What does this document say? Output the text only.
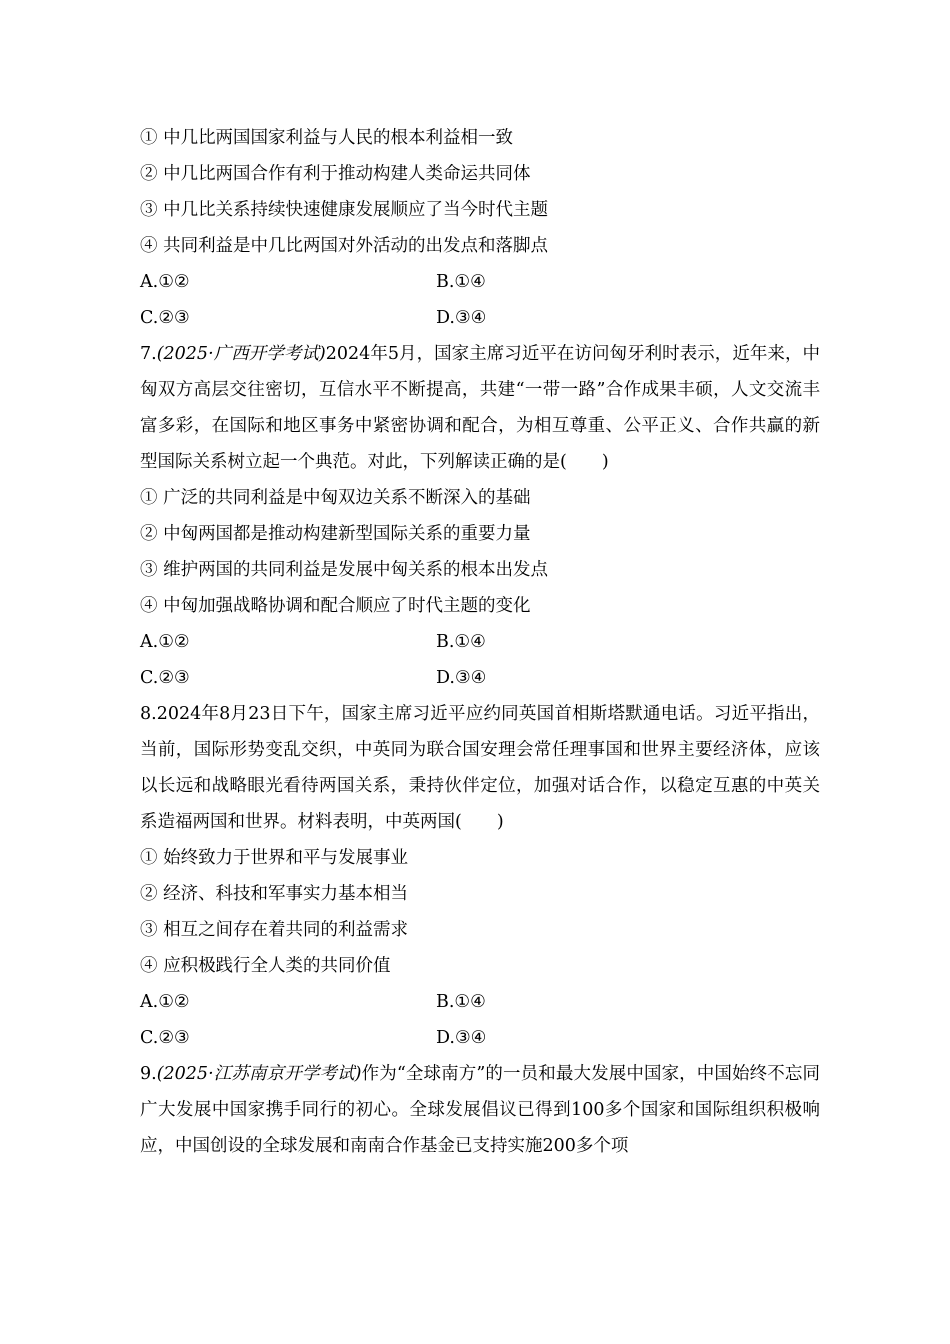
① 中几比两国国家利益与人民的根本利益相一致
② 中几比两国合作有利于推动构建人类命运共同体
③ 中几比关系持续快速健康发展顺应了当今时代主题
④ 共同利益是中几比两国对外活动的出发点和落脚点
A.①②	B.①④
C.②③	D.③④
7.(2025·广西开学考试)2024年5月，国家主席习近平在访问匈牙利时表示，近年来，中匈双方高层交往密切，互信水平不断提高，共建“一带一路”合作成果丰硕，人文交流丰富多彩，在国际和地区事务中紧密协调和配合，为相互尊重、公平正义、合作共赢的新型国际关系树立起一个典范。对此，下列解读正确的是(　　)
① 广泛的共同利益是中匈双边关系不断深入的基础
② 中匈两国都是推动构建新型国际关系的重要力量
③ 维护两国的共同利益是发展中匈关系的根本出发点
④ 中匈加强战略协调和配合顺应了时代主题的变化
A.①②	B.①④
C.②③	D.③④
8.2024年8月23日下午，国家主席习近平应约同英国首相斯塔默通电话。习近平指出，当前，国际形势变乱交织，中英同为联合国安理会常任理事国和世界主要经济体，应该以长远和战略眼光看待两国关系，秉持伙伴定位，加强对话合作，以稳定互惠的中英关系造福两国和世界。材料表明，中英两国(　　)
① 始终致力于世界和平与发展事业
② 经济、科技和军事实力基本相当
③ 相互之间存在着共同的利益需求
④ 应积极践行全人类的共同价值
A.①②	B.①④
C.②③	D.③④
9.(2025·江苏南京开学考试)作为“全球南方”的一员和最大发展中国家，中国始终不忘同广大发展中国家携手同行的初心。全球发展倡议已得到100多个国家和国际组织积极响应，中国创设的全球发展和南南合作基金已支持实施200多个项
